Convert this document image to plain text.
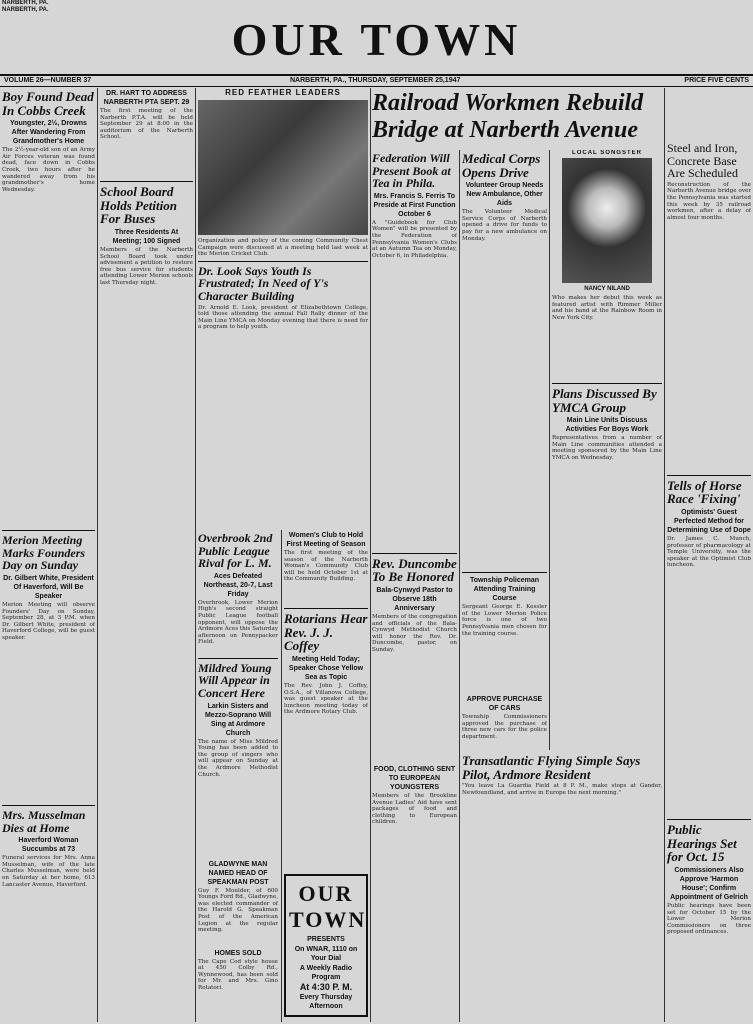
NARBERTH, PA.
NARBERTH, PA.
OUR TOWN
VOLUME 26—NUMBER 37	NARBERTH, PA., THURSDAY, SEPTEMBER 25,1947	PRICE FIVE CENTS
Boy Found Dead In Cobbs Creek
Youngster, 2½, Drowns After Wandering From Grandmother's Home
The 2½-year-old son of an Army Air Forces veteran was found dead, face down in Cobbs Creek, two hours after he wandered away from his grandmother's home Wednesday.
Merion Meeting Marks Founders Day on Sunday
Dr. Gilbert White, President Of Haverford, Will Be Speaker
Merion Meeting will observe Founders' Day on Sunday, September 28, at 3 P.M. when Dr. Gilbert White, president of Haverford College, will be guest speaker.
Mrs. Musselman Dies at Home
Haverford Woman Succumbs at 73
Funeral services for Mrs. Anna Musselman, wife of the late Charles Musselman, were held on Saturday at her home, 613 Lancaster Avenue, Haverford.
DR. HART TO ADDRESS NARBERTH PTA SEPT. 29
The first meeting of the Narberth P.T.A. will be held September 29 at 8:00 in the auditorium of the Narberth School.
School Board Holds Petition For Buses
Three Residents At Meeting; 100 Signed
Members of the Narberth School Board took under advisement a petition to restore free bus service for students attending Lower Merion schools last Thursday night.
RED FEATHER LEADERS
Organization and policy of the coming Community Chest Campaign were discussed at a meeting held last week at the Merion Cricket Club.
Dr. Look Says Youth Is Frustrated; In Need of Y's Character Building
Dr. Arnold E. Look, president of Elizabethtown College, told those attending the annual Fall Rally dinner of the Main Line YMCA on Monday evening that there is need for a program to help youth.
Overbrook 2nd Public League Rival for L. M.
Aces Defeated Northeast, 20-7, Last Friday
Overbrook, Lower Merion High's second straight Public League football opponent, will oppose the Ardmore Aces this Saturday afternoon on Pennypacker Field.
Mildred Young Will Appear in Concert Here
Larkin Sisters and Mezzo-Soprano Will Sing at Ardmore Church
The name of Miss Mildred Young has been added to the group of singers who will appear on Sunday at the Ardmore Methodist Church.
GLADWYNE MAN NAMED HEAD OF SPEAKMAN POST
Guy F. Moulder, of 600 Youngs Ford Rd., Gladwyne, was elected commander of the Harold G. Speakman Post of the American Legion at the regular meeting.
HOMES SOLD
The Cape Cod style house at 450 Colby Rd., Wynnewood, has been sold for Mr. and Mrs. Gino Rotatori.
Women's Club to Hold First Meeting of Season
The first meeting of the season of the Narberth Woman's Community Club will be held October 1st at the Community Building.
Rotarians Hear Rev. J. J. Coffey
Meeting Held Today; Speaker Chose Yellow Sea as Topic
The Rev. John J. Coffey, O.S.A., of Villanova College, was guest speaker at the luncheon meeting today of the Ardmore Rotary Club.
OUR TOWN
PRESENTS
On WNAR, 1110 on Your Dial
A Weekly Radio Program
At 4:30 P. M.
Every Thursday Afternoon
Railroad Workmen Rebuild Bridge at Narberth Avenue
Federation Will Present Book at Tea in Phila.
Mrs. Francis S. Ferris To Preside at First Function October 6
A "Guidebook for Club Women" will be presented by the Federation of Pennsylvania Women's Clubs at an Autumn Tea on Monday, October 6, in Philadelphia.
Rev. Duncombe To Be Honored
Bala-Cynwyd Pastor to Observe 18th Anniversary
Members of the congregation and officials of the Bala-Cynwyd Methodist Church will honor the Rev. Dr. Duncombe, pastor, on Sunday.
FOOD, CLOTHING SENT TO EUROPEAN YOUNGSTERS
Members of the Brookline Avenue Ladies' Aid have sent packages of food and clothing to European children.
Medical Corps Opens Drive
Volunteer Group Needs New Ambulance, Other Aids
The Volunteer Medical Service Corps of Narberth opened a drive for funds to pay for a new ambulance on Monday.
Township Policeman Attending Training Course
Sergeant George E. Kessler of the Lower Merion Police force is one of two Pennsylvania men chosen for the training course.
APPROVE PURCHASE OF CARS
Township Commissioners approved the purchase of three new cars for the police department.
Transatlantic Flying Simple Says Pilot, Ardmore Resident
"You leave La Guardia Field at 8 P. M., make stops at Gander, Newfoundland, and arrive in Europe the next morning."
LOCAL SONGSTER
NANCY NILAND
Who makes her debut this week as featured artist with Rimmer Miller and his band at the Rainbow Room in New York City.
Plans Discussed By YMCA Group
Main Line Units Discuss Activities For Boys Work
Representatives from a number of Main Line communities attended a meeting sponsored by the Main Line YMCA on Wednesday.
Steel and Iron, Concrete Base Are Scheduled
Reconstruction of the Narberth Avenue bridge over the Pennsylvania was started this week by 35 railroad workmen, after a delay of almost four months.
Tells of Horse Race 'Fixing'
Optimists' Guest Perfected Method for Determining Use of Dope
Dr. James C. Munch, professor of pharmacology at Temple University, was the speaker at the Optimist Club luncheon.
Public Hearings Set for Oct. 15
Commissioners Also Approve 'Harmon House'; Confirm Appointment of Gelrich
Public hearings have been set for October 15 by the Lower Merion Commissioners on three proposed ordinances.
